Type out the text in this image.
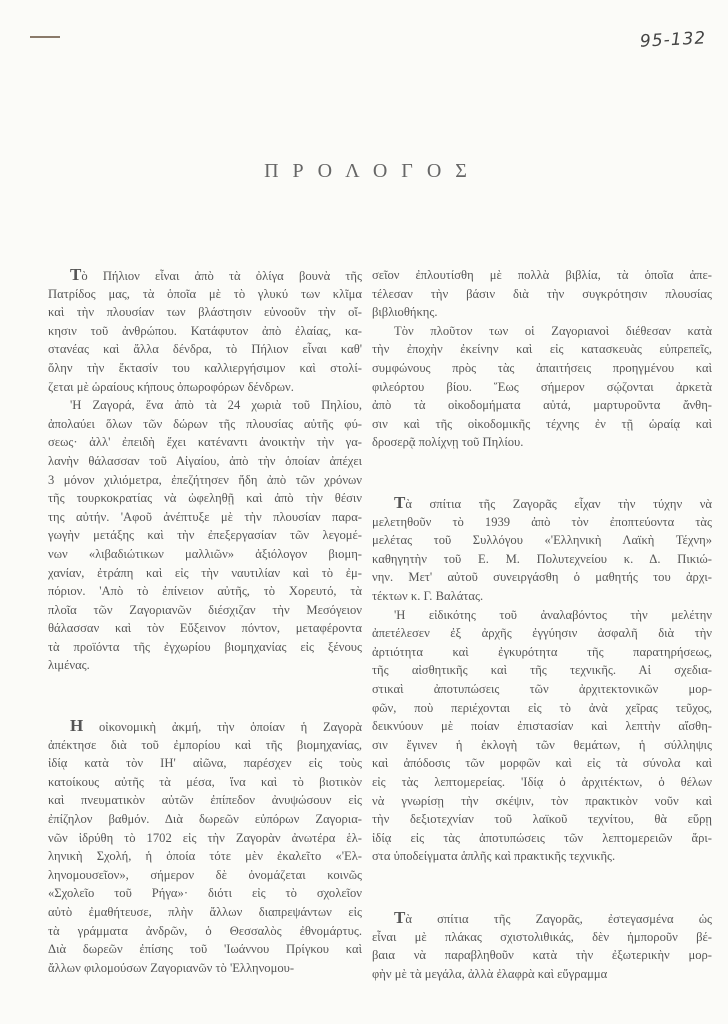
95-132
ΠΡΟΛΟΓΟΣ
Τὸ Πήλιον εἶναι ἀπὸ τὰ ὀλίγα βουνὰ τῆς
Πατρίδος μας, τὰ ὁποῖα μὲ τὸ γλυκύ των κλῖμα
καὶ τὴν πλουσίαν των βλάστησιν εὐνοοῦν τὴν οἴ-
κησιν τοῦ ἀνθρώπου. Κατάφυτον ἀπὸ ἐλαίας, κα-
στανέας καὶ ἄλλα δένδρα, τὸ Πήλιον εἶναι καθ'
ὅλην τὴν ἔκτασίν του καλλιεργήσιμον καὶ στολί-
ζεται μὲ ὡραίους κήπους ὀπωροφόρων δένδρων.
'Η Ζαγορά, ἕνα ἀπὸ τὰ 24 χωριὰ τοῦ Πηλίου,
ἀπολαύει ὅλων τῶν δώρων τῆς πλουσίας αὐτῆς φύ-
σεως· ἀλλ' ἐπειδὴ ἔχει κατέναντι ἀνοικτὴν τὴν γα-
λανὴν θάλασσαν τοῦ Αἰγαίου, ἀπὸ τὴν ὁποίαν ἀπέχει
3 μόνον χιλιόμετρα, ἐπεζήτησεν ἤδη ἀπὸ τῶν χρόνων
τῆς τουρκοκρατίας νὰ ὠφεληθῇ καὶ ἀπὸ τὴν θέσιν
της αὐτήν. 'Αφοῦ ἀνέπτυξε μὲ τὴν πλουσίαν παρα-
γωγὴν μετάξης καὶ τὴν ἐπεξεργασίαν τῶν λεγομέ-
νων «λιβαδιώτικων μαλλιῶν» ἀξιόλογον βιομη-
χανίαν, ἐτράπη καὶ εἰς τὴν ναυτιλίαν καὶ τὸ ἐμ-
πόριον. 'Απὸ τὸ ἐπίνειον αὐτῆς, τὸ Χορευτό, τὰ
πλοῖα τῶν Ζαγοριανῶν διέσχιζαν τὴν Μεσόγειον
θάλασσαν καὶ τὸν Εὔξεινον πόντον, μεταφέροντα
τὰ προϊόντα τῆς ἐγχωρίου βιομηχανίας εἰς ξένους
λιμένας.
Η οἰκονομικὴ ἀκμή, τὴν ὁποίαν ἡ Ζαγορὰ
ἀπέκτησε διὰ τοῦ ἐμπορίου καὶ τῆς βιομηχανίας,
ἰδίᾳ κατὰ τὸν ΙΗ' αἰῶνα, παρέσχεν εἰς τοὺς
κατοίκους αὐτῆς τὰ μέσα, ἵνα καὶ τὸ βιοτικὸν
καὶ πνευματικὸν αὐτῶν ἐπίπεδον ἀνυψώσουν εἰς
ἐπίζηλον βαθμόν. Διὰ δωρεῶν εὐπόρων Ζαγορια-
νῶν ἱδρύθη τὸ 1702 εἰς τὴν Ζαγορὰν ἀνωτέρα ἑλ-
ληνικὴ Σχολή, ἡ ὁποία τότε μὲν ἐκαλεῖτο «'Ελ-
ληνομουσεῖον», σήμερον δὲ ὀνομάζεται κοινῶς
«Σχολεῖο τοῦ Ρήγα»· διότι εἰς τὸ σχολεῖον
αὐτὸ ἐμαθήτευσε, πλὴν ἄλλων διαπρεψάντων εἰς
τὰ γράμματα ἀνδρῶν, ὁ Θεσσαλὸς ἐθνομάρτυς.
Διὰ δωρεῶν ἐπίσης τοῦ 'Ιωάννου Πρίγκου καὶ
ἄλλων φιλομούσων Ζαγοριανῶν τὸ 'Ελληνομου-
σεῖον ἐπλουτίσθη μὲ πολλὰ βιβλία, τὰ ὁποῖα ἀπε-
τέλεσαν τὴν βάσιν διὰ τὴν συγκρότησιν πλουσίας
βιβλιοθήκης.
Τὸν πλοῦτον των οἱ Ζαγοριανοὶ διέθεσαν κατὰ
τὴν ἐποχὴν ἐκείνην καὶ εἰς κατασκευὰς εὐπρεπεῖς,
συμφώνους πρὸς τὰς ἀπαιτήσεις προηγμένου καὶ
φιλεόρτου βίου. Ἕως σήμερον σῴζονται ἀρκετὰ
ἀπὸ τὰ οἰκοδομήματα αὐτά, μαρτυροῦντα ἄνθη-
σιν καὶ τῆς οἰκοδομικῆς τέχνης ἐν τῇ ὡραίᾳ καὶ
δροσερᾷ πολίχνῃ τοῦ Πηλίου.
Τὰ σπίτια τῆς Ζαγορᾶς εἶχαν τὴν τύχην νὰ
μελετηθοῦν τὸ 1939 ἀπὸ τὸν ἐποπτεύοντα τὰς
μελέτας τοῦ Συλλόγου «'Ελληνικὴ Λαϊκὴ Τέχνη»
καθηγητὴν τοῦ Ε. Μ. Πολυτεχνείου κ. Δ. Πικιώ-
νην. Μετ' αὐτοῦ συνειργάσθη ὁ μαθητής του ἀρχι-
τέκτων κ. Γ. Βαλάτας.
'Η εἰδικότης τοῦ ἀναλαβόντος τὴν μελέτην
ἀπετέλεσεν ἐξ ἀρχῆς ἐγγύησιν ἀσφαλῆ διὰ τὴν
ἀρτιότητα καὶ ἐγκυρότητα τῆς παρατηρήσεως,
τῆς αἰσθητικῆς καὶ τῆς τεχνικῆς. Αἱ σχεδια-
στικαὶ ἀποτυπώσεις τῶν ἀρχιτεκτονικῶν μορ-
φῶν, ποὺ περιέχονται εἰς τὸ ἀνὰ χεῖρας τεῦχος,
δεικνύουν μὲ ποίαν ἐπιστασίαν καὶ λεπτὴν αἴσθη-
σιν ἔγινεν ἡ ἐκλογὴ τῶν θεμάτων, ἡ σύλληψις
καὶ ἀπόδοσις τῶν μορφῶν καὶ εἰς τὰ σύνολα καὶ
εἰς τὰς λεπτομερείας. 'Ιδίᾳ ὁ ἀρχιτέκτων, ὁ θέλων
νὰ γνωρίσῃ τὴν σκέψιν, τὸν πρακτικὸν νοῦν καὶ
τὴν δεξιοτεχνίαν τοῦ λαϊκοῦ τεχνίτου, θὰ εὕρῃ
ἰδίᾳ εἰς τὰς ἀποτυπώσεις τῶν λεπτομερειῶν ἄρι-
στα ὑποδείγματα ἁπλῆς καὶ πρακτικῆς τεχνικῆς.
Τὰ σπίτια τῆς Ζαγορᾶς, ἐστεγασμένα ὡς
εἶναι μὲ πλάκας σχιστολιθικάς, δὲν ἠμποροῦν βέ-
βαια νὰ παραβληθοῦν κατὰ τὴν ἐξωτερικὴν μορ-
φὴν μὲ τὰ μεγάλα, ἀλλὰ ἐλαφρὰ καὶ εὔγραμμα
